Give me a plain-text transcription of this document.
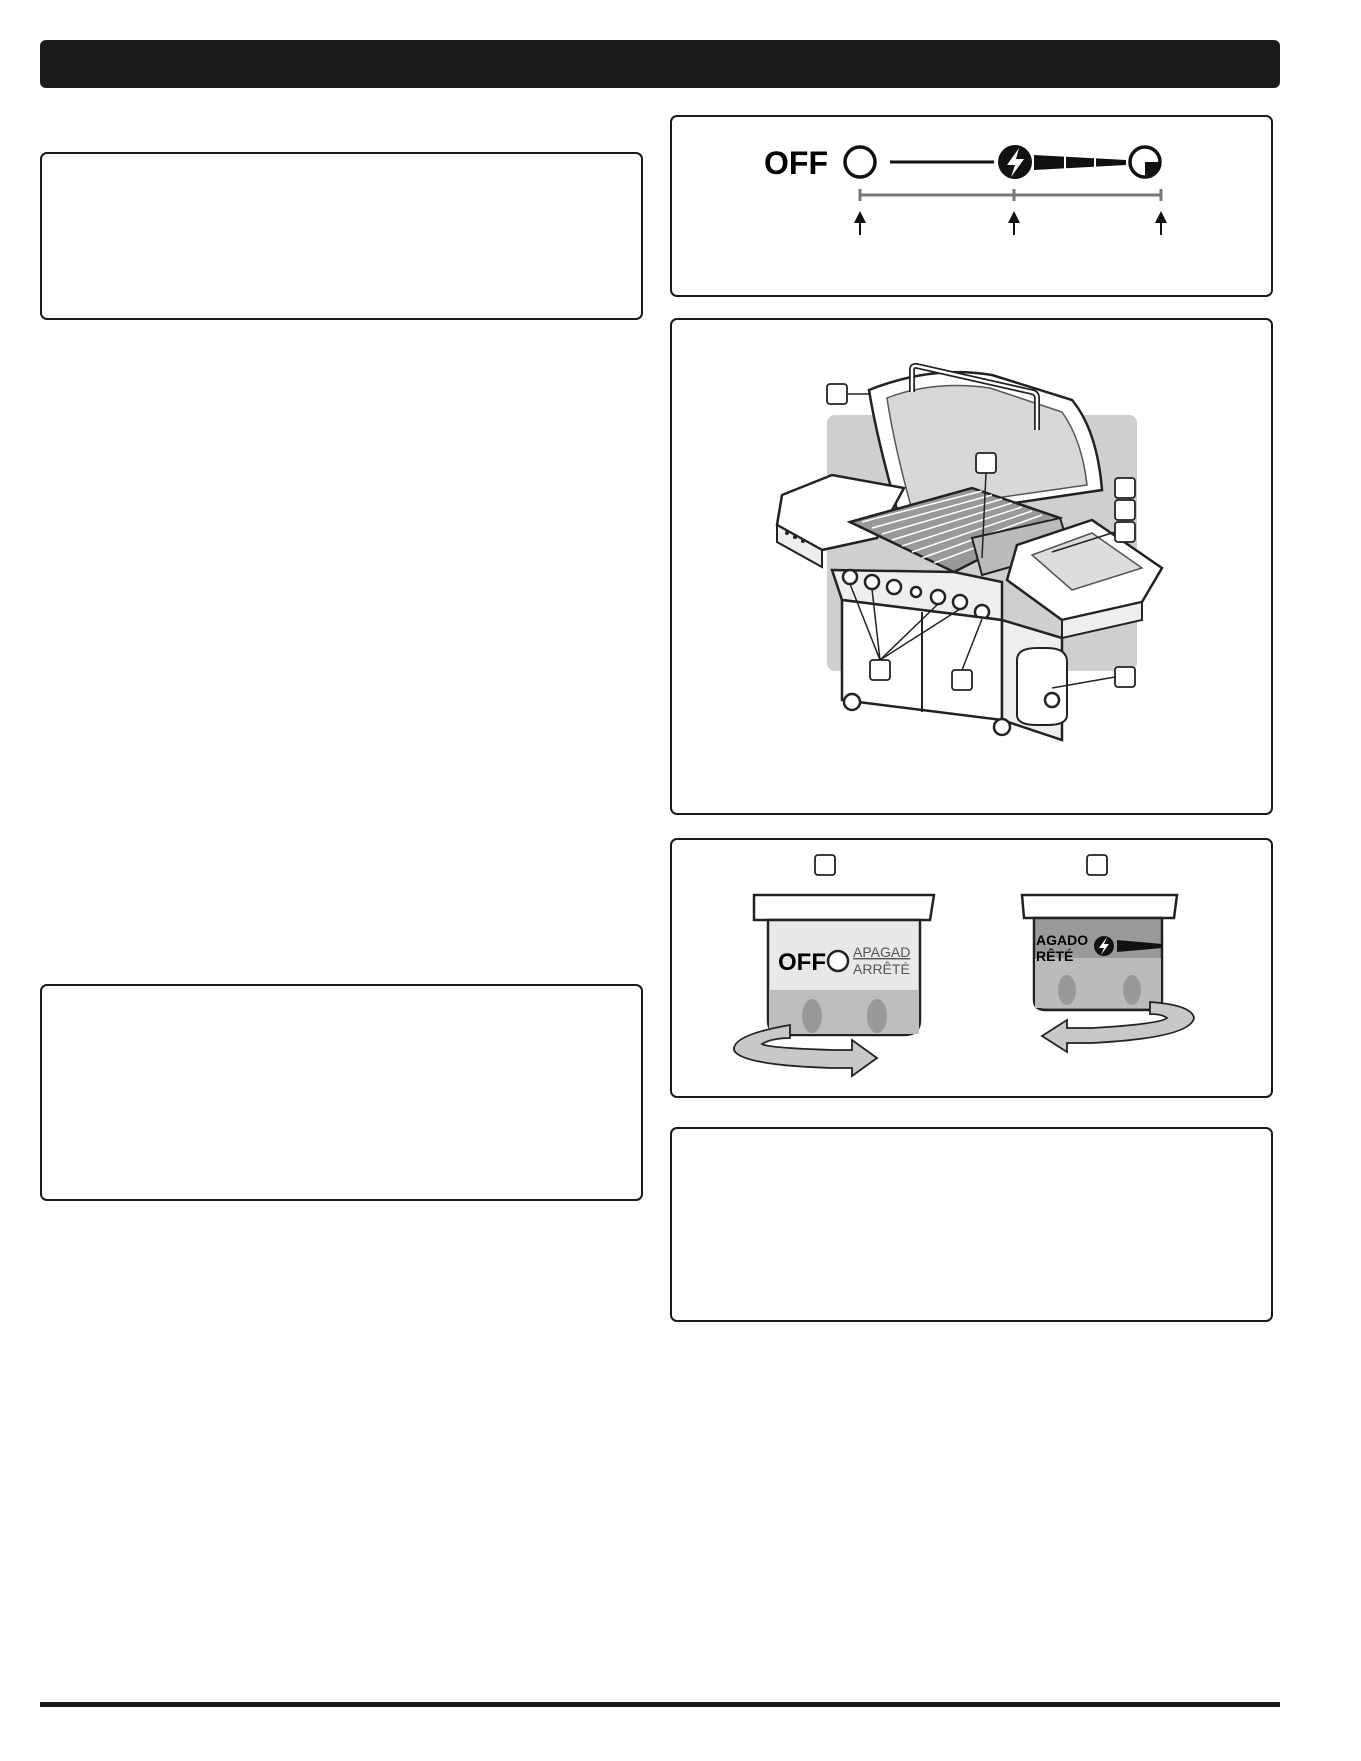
OFF
OFF APAGAD
ARRÊTÉ
AGADO
RÊTÉ
